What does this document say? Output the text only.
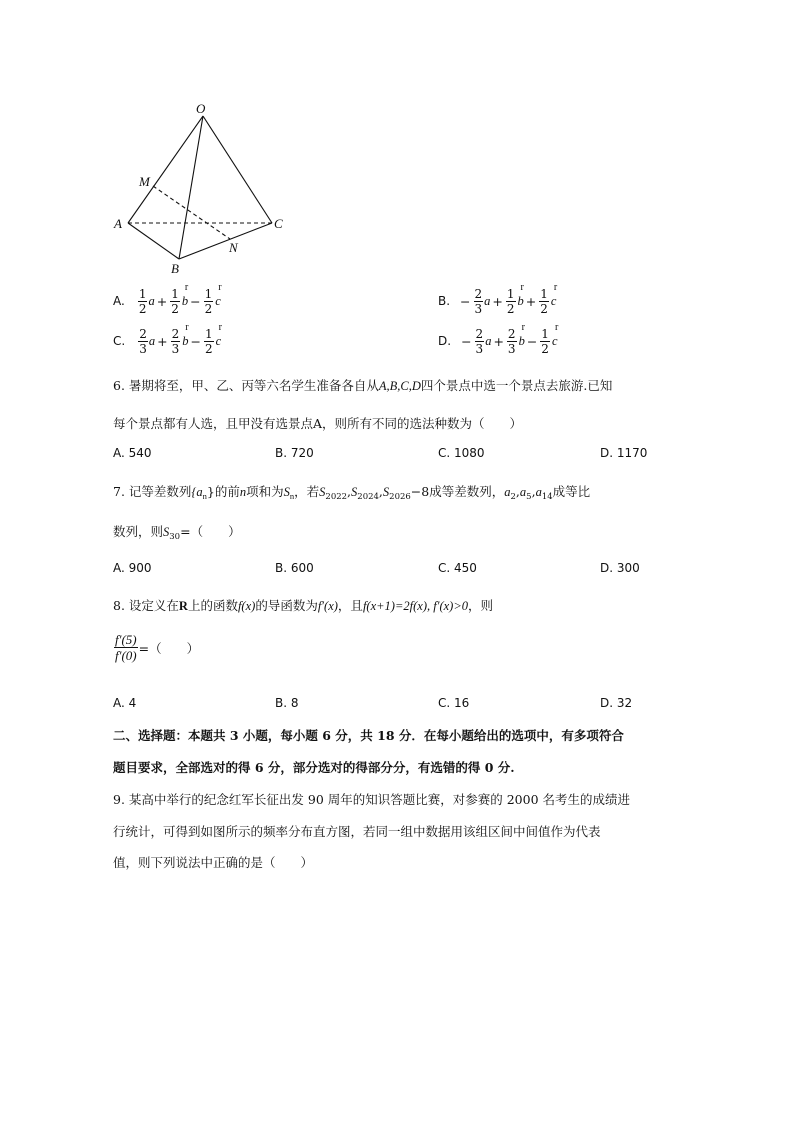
O
M
A	C
N
B
A. $\frac{1}{2}$ $a + \frac{1}{2}$
r
$b - \frac{1}{2}$
r
c	B. − $\frac{2}{3}$ $a + \frac{1}{2}$
r
$b + \frac{1}{2}$
r
c
C. $\frac{2}{3}$ $a + \frac{2}{3}$
r
$b - \frac{1}{2}$
r
c	D. − $\frac{2}{3}$ $a + \frac{2}{3}$
r
$b - \frac{1}{2}$
r
c
6. 暑期将至，甲、乙、丙等六名学生准备各自从A,B,C,D四个景点中选一个景点去旅游.已知
每个景点都有人选，且甲没有选景点A，则所有不同的选法种数为（　　）
A. 540	B. 720	C. 1080	D. 1170
7. 记等差数列$\{a_n\}$的前n项和为$S_n$，若$S_{2022},S_{2024},S_{2026}-8$成等差数列，$a_2,a_5,a_{14}$成等比
数列，则$S_{30}=$（　　）
A. 900	B. 600	C. 450	D. 300
8. 设定义在R上的函数f(x)的导函数为f′(x)，且f(x+1)=2f(x), f′(x)>0，则
$\frac{f'(5)}{f'(0)}$ =（　　）
A. 4	B. 8	C. 16	D. 32
二、选择题：本题共 3 小题，每小题 6 分，共 18 分．在每小题给出的选项中，有多项符合
题目要求，全部选对的得 6 分，部分选对的得部分分，有选错的得 0 分.
9. 某高中举行的纪念红军长征出发 90 周年的知识答题比赛，对参赛的 2000 名考生的成绩进
行统计，可得到如图所示的频率分布直方图，若同一组中数据用该组区间中间值作为代表
值，则下列说法中正确的是（　　）
